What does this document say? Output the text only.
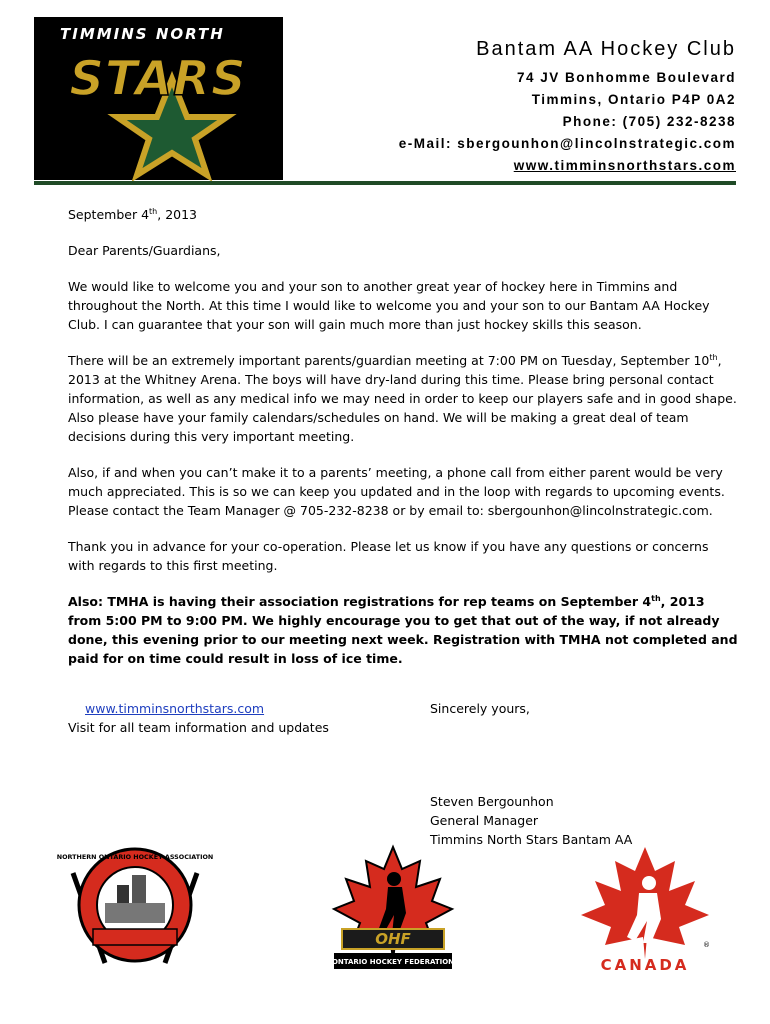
STARS
TIMMINS NORTH
Bantam AA Hockey Club
74 JV Bonhomme Boulevard
Timmins, Ontario P4P 0A2
Phone: (705) 232-8238
e-Mail: sbergounhon@lincolnstrategic.com
www.timminsnorthstars.com

September 4th, 2013

Dear Parents/Guardians,

We would like to welcome you and your son to another great year of hockey here in Timmins and throughout the North. At this time I would like to welcome you and your son to our Bantam AA Hockey Club. I can guarantee that your son will gain much more than just hockey skills this season.

There will be an extremely important parents/guardian meeting at 7:00 PM on Tuesday, September 10th, 2013 at the Whitney Arena. The boys will have dry-land during this time. Please bring personal contact information, as well as any medical info we may need in order to keep our players safe and in good shape. Also please have your family calendars/schedules on hand. We will be making a great deal of team decisions during this very important meeting.

Also, if and when you can’t make it to a parents’ meeting, a phone call from either parent would be very much appreciated. This is so we can keep you updated and in the loop with regards to upcoming events. Please contact the Team Manager @ 705-232-8238 or by email to: sbergounhon@lincolnstrategic.com.

Thank you in advance for your co-operation. Please let us know if you have any questions or concerns with regards to this first meeting.

Also: TMHA is having their association registrations for rep teams on September 4th, 2013 from 5:00 PM to 9:00 PM. We highly encourage you to get that out of the way, if not already done, this evening prior to our meeting next week. Registration with TMHA not completed and paid for on time could result in loss of ice time.

www.timminsnorthstars.com
Visit for all team information and updates
Sincerely yours,
Steven Bergounhon
General Manager
Timmins North Stars Bantam AA
NORTHERN ONTARIO HOCKEY ASSOCIATION
OHF
ONTARIO HOCKEY FEDERATION	CANADA
®
